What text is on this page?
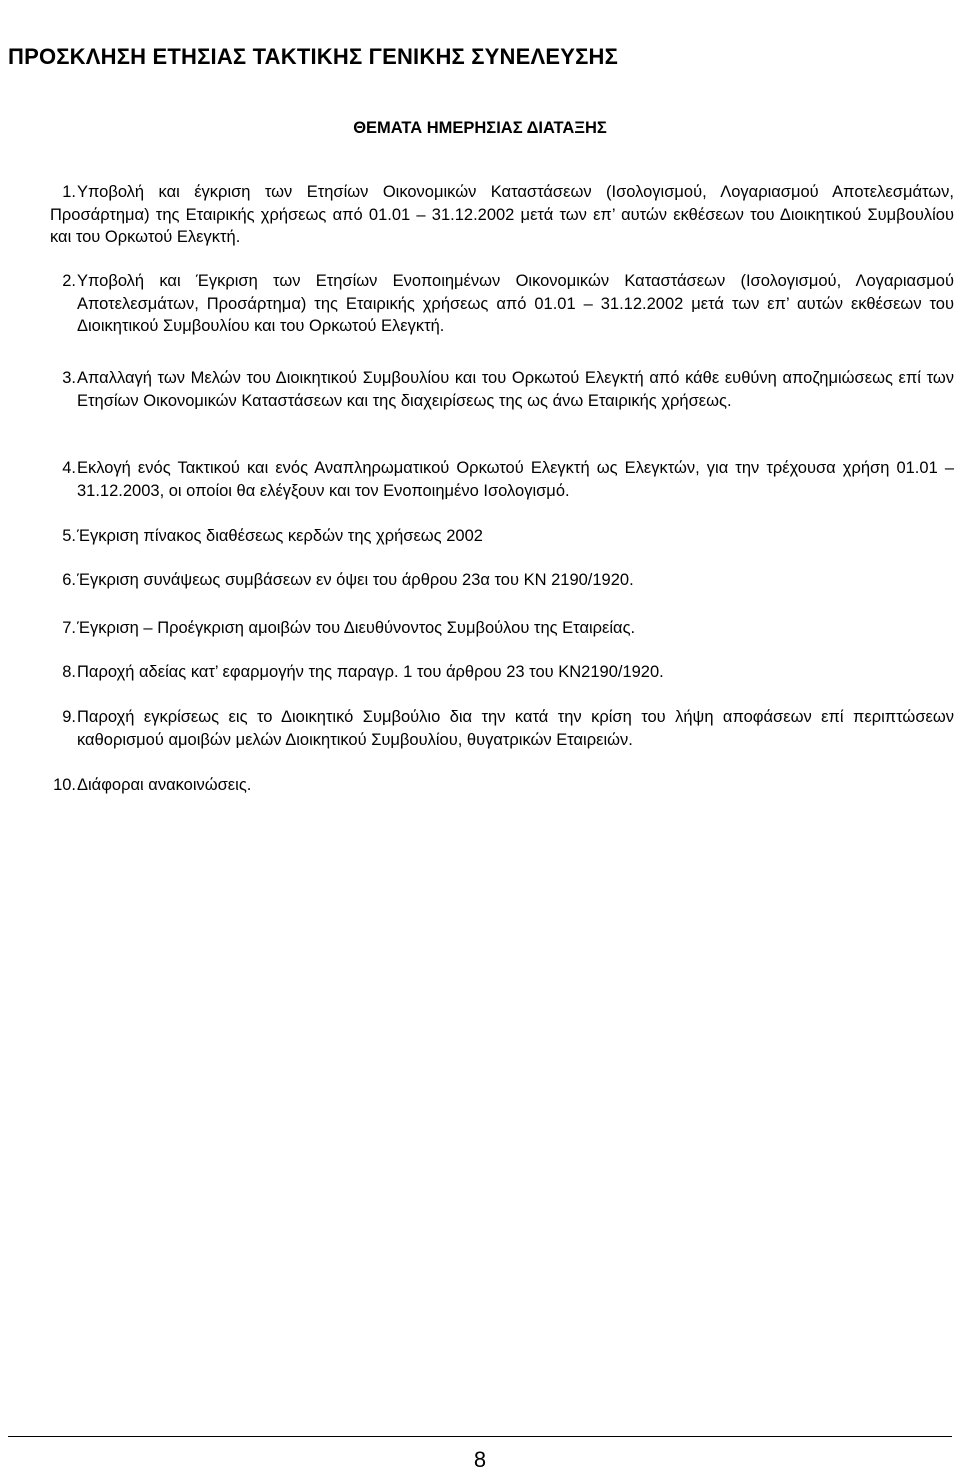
ΠΡΟΣΚΛΗΣΗ ΕΤΗΣΙΑΣ ΤΑΚΤΙΚΗΣ ΓΕΝΙΚΗΣ ΣΥΝΕΛΕΥΣΗΣ
ΘΕΜΑΤΑ ΗΜΕΡΗΣΙΑΣ ΔΙΑΤΑΞΗΣ
1. Υποβολή και έγκριση των Ετησίων Οικονομικών Καταστάσεων (Ισολογισμού, Λογαριασμού Αποτελεσμάτων, Προσάρτημα) της Εταιρικής χρήσεως από 01.01 – 31.12.2002 μετά των επ’ αυτών εκθέσεων του Διοικητικού Συμβουλίου και του Ορκωτού Ελεγκτή.
2. Υποβολή και Έγκριση των Ετησίων Ενοποιημένων Οικονομικών Καταστάσεων (Ισολογισμού, Λογαριασμού Αποτελεσμάτων, Προσάρτημα) της Εταιρικής χρήσεως από 01.01 – 31.12.2002 μετά των επ’ αυτών εκθέσεων του Διοικητικού Συμβουλίου και του Ορκωτού Ελεγκτή.
3. Απαλλαγή των Μελών του Διοικητικού Συμβουλίου και του Ορκωτού Ελεγκτή από κάθε ευθύνη αποζημιώσεως επί των Ετησίων Οικονομικών Καταστάσεων και της διαχειρίσεως της ως άνω Εταιρικής χρήσεως.
4. Εκλογή ενός Τακτικού και ενός Αναπληρωματικού Ορκωτού Ελεγκτή ως Ελεγκτών, για την τρέχουσα χρήση 01.01 – 31.12.2003, οι οποίοι θα ελέγξουν και τον Ενοποιημένο Ισολογισμό.
5. Έγκριση πίνακος διαθέσεως κερδών της χρήσεως 2002
6. Έγκριση συνάψεως συμβάσεων εν όψει του άρθρου 23α του ΚΝ 2190/1920.
7. Έγκριση – Προέγκριση αμοιβών του Διευθύνοντος Συμβούλου της Εταιρείας.
8. Παροχή αδείας κατ’ εφαρμογήν της παραγρ. 1 του άρθρου 23 του ΚΝ2190/1920.
9. Παροχή εγκρίσεως εις το Διοικητικό Συμβούλιο δια την κατά την κρίση του λήψη αποφάσεων επί περιπτώσεων καθορισμού αμοιβών μελών Διοικητικού Συμβουλίου, θυγατρικών Εταιρειών.
10. Διάφοραι ανακοινώσεις.
8
